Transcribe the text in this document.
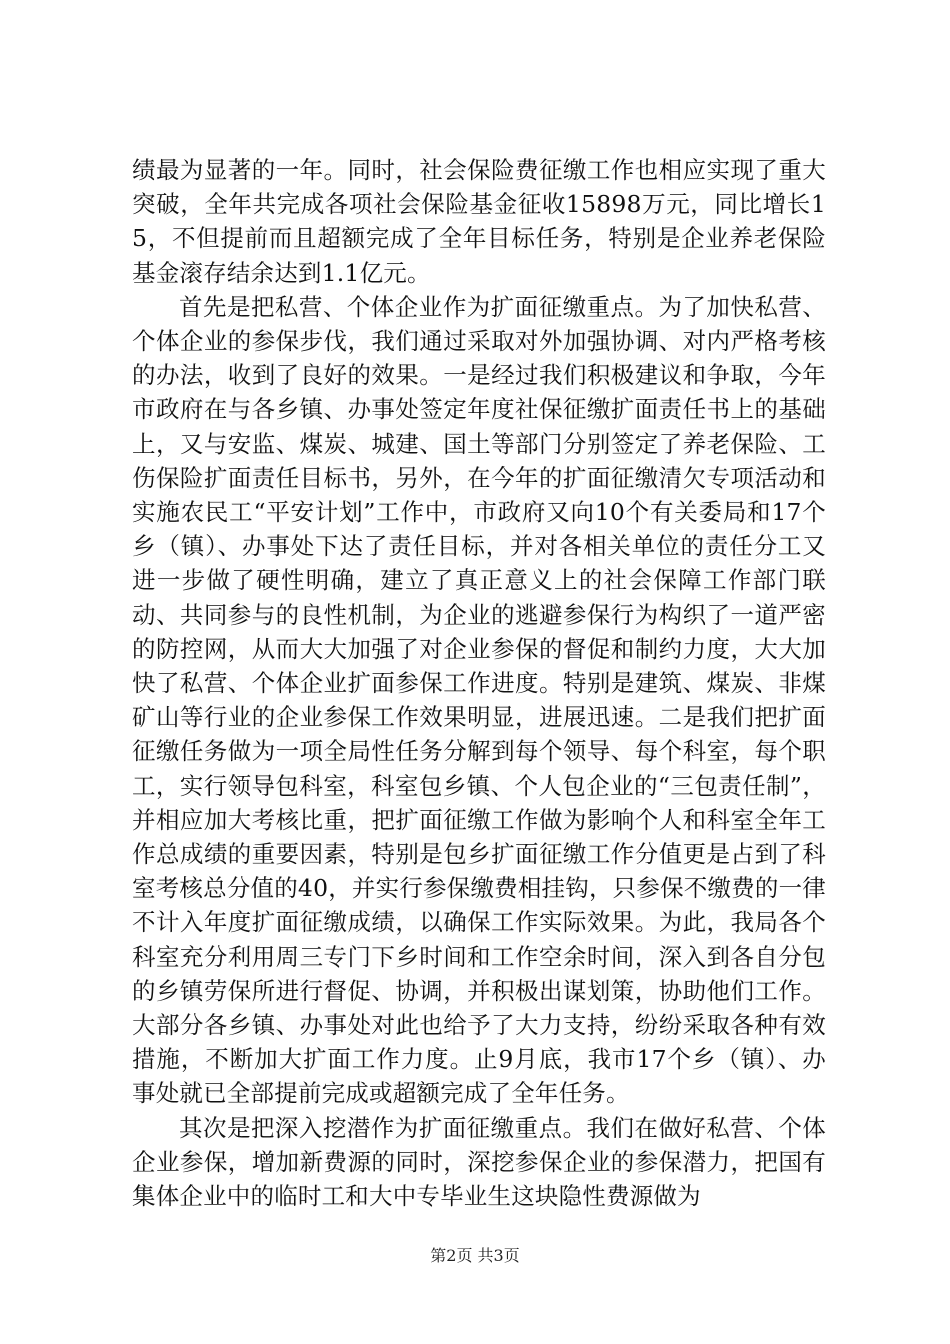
绩最为显著的一年。同时，社会保险费征缴工作也相应实现了重大突破，全年共完成各项社会保险基金征收15898万元，同比增长15，不但提前而且超额完成了全年目标任务，特别是企业养老保险基金滚存结余达到1.1亿元。

首先是把私营、个体企业作为扩面征缴重点。为了加快私营、个体企业的参保步伐，我们通过采取对外加强协调、对内严格考核的办法，收到了良好的效果。一是经过我们积极建议和争取，今年市政府在与各乡镇、办事处签定年度社保征缴扩面责任书上的基础上，又与安监、煤炭、城建、国土等部门分别签定了养老保险、工伤保险扩面责任目标书，另外，在今年的扩面征缴清欠专项活动和实施农民工“平安计划”工作中，市政府又向10个有关委局和17个乡（镇）、办事处下达了责任目标，并对各相关单位的责任分工又进一步做了硬性明确，建立了真正意义上的社会保障工作部门联动、共同参与的良性机制，为企业的逃避参保行为构织了一道严密的防控网，从而大大加强了对企业参保的督促和制约力度，大大加快了私营、个体企业扩面参保工作进度。特别是建筑、煤炭、非煤矿山等行业的企业参保工作效果明显，进展迅速。二是我们把扩面征缴任务做为一项全局性任务分解到每个领导、每个科室，每个职工，实行领导包科室，科室包乡镇、个人包企业的“三包责任制”，并相应加大考核比重，把扩面征缴工作做为影响个人和科室全年工作总成绩的重要因素，特别是包乡扩面征缴工作分值更是占到了科室考核总分值的40，并实行参保缴费相挂钩，只参保不缴费的一律不计入年度扩面征缴成绩，以确保工作实际效果。为此，我局各个科室充分利用周三专门下乡时间和工作空余时间，深入到各自分包的乡镇劳保所进行督促、协调，并积极出谋划策，协助他们工作。大部分各乡镇、办事处对此也给予了大力支持，纷纷采取各种有效措施，不断加大扩面工作力度。止9月底，我市17个乡（镇）、办事处就已全部提前完成或超额完成了全年任务。

其次是把深入挖潜作为扩面征缴重点。我们在做好私营、个体企业参保，增加新费源的同时，深挖参保企业的参保潜力，把国有集体企业中的临时工和大中专毕业生这块隐性费源做为

第2页 共3页
